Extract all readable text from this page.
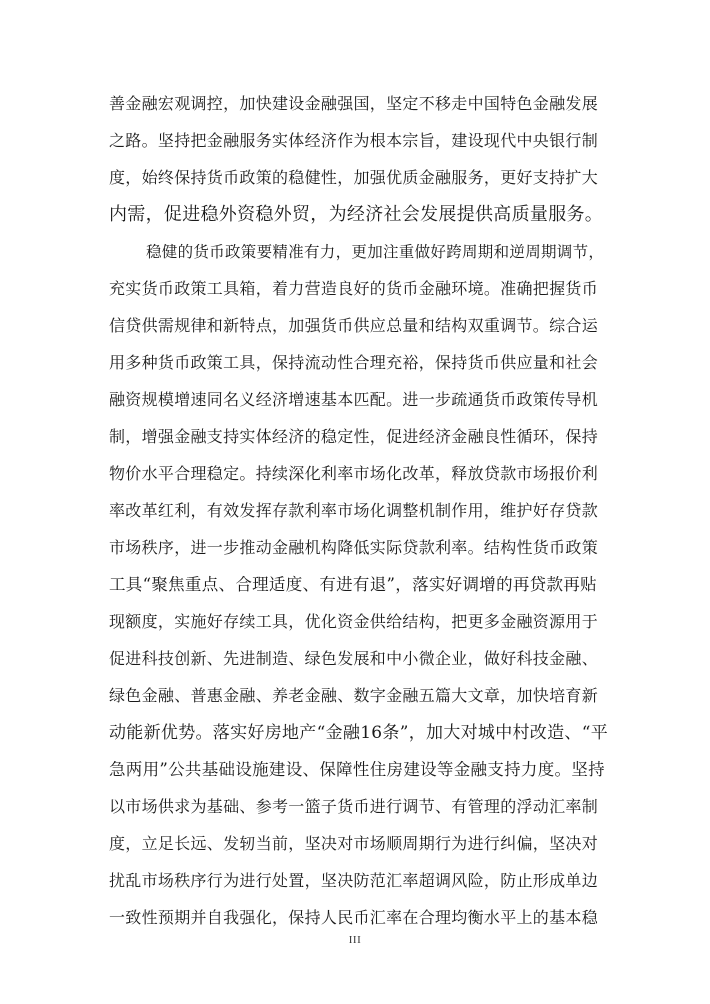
善金融宏观调控，加快建设金融强国，坚定不移走中国特色金融发展
之路。坚持把金融服务实体经济作为根本宗旨，建设现代中央银行制
度，始终保持货币政策的稳健性，加强优质金融服务，更好支持扩大
内需，促进稳外资稳外贸，为经济社会发展提供高质量服务。
稳健的货币政策要精准有力，更加注重做好跨周期和逆周期调节，
充实货币政策工具箱，着力营造良好的货币金融环境。准确把握货币
信贷供需规律和新特点，加强货币供应总量和结构双重调节。综合运
用多种货币政策工具，保持流动性合理充裕，保持货币供应量和社会
融资规模增速同名义经济增速基本匹配。进一步疏通货币政策传导机
制，增强金融支持实体经济的稳定性，促进经济金融良性循环，保持
物价水平合理稳定。持续深化利率市场化改革，释放贷款市场报价利
率改革红利，有效发挥存款利率市场化调整机制作用，维护好存贷款
市场秩序，进一步推动金融机构降低实际贷款利率。结构性货币政策
工具“聚焦重点、合理适度、有进有退”，落实好调增的再贷款再贴
现额度，实施好存续工具，优化资金供给结构，把更多金融资源用于
促进科技创新、先进制造、绿色发展和中小微企业，做好科技金融、
绿色金融、普惠金融、养老金融、数字金融五篇大文章，加快培育新
动能新优势。落实好房地产“金融16条”，加大对城中村改造、“平
急两用”公共基础设施建设、保障性住房建设等金融支持力度。坚持
以市场供求为基础、参考一篮子货币进行调节、有管理的浮动汇率制
度，立足长远、发轫当前，坚决对市场顺周期行为进行纠偏，坚决对
扰乱市场秩序行为进行处置，坚决防范汇率超调风险，防止形成单边
一致性预期并自我强化，保持人民币汇率在合理均衡水平上的基本稳
III
